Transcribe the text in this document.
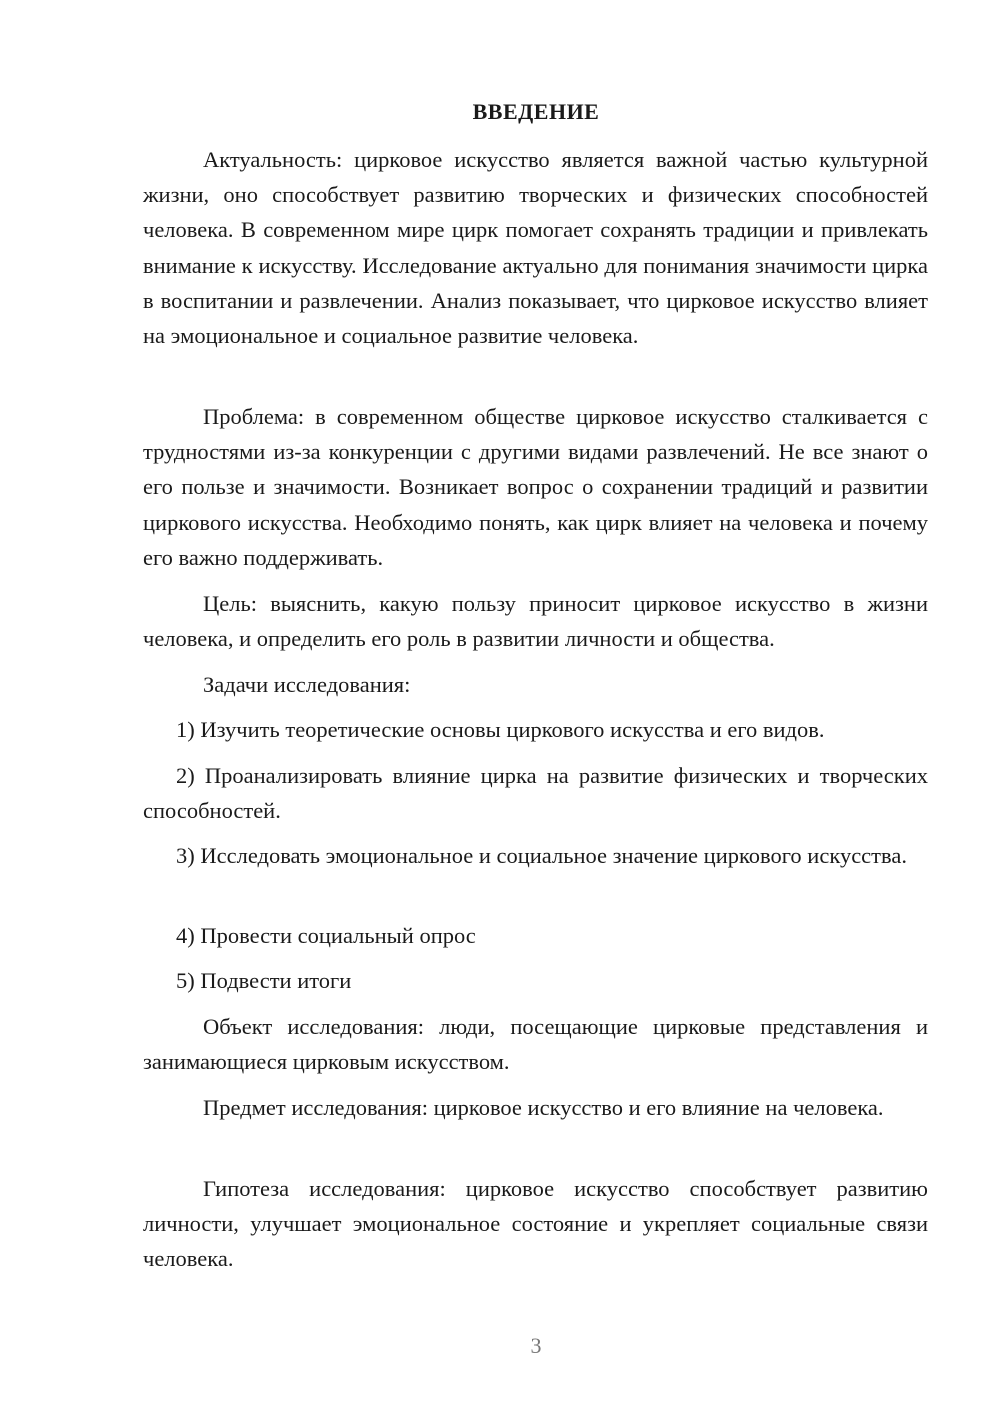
ВВЕДЕНИЕ

Актуальность: цирковое искусство является важной частью культурной жизни, оно способствует развитию творческих и физических способностей человека. В современном мире цирк помогает сохранять традиции и привлекать внимание к искусству. Исследование актуально для понимания значимости цирка в воспитании и развлечении. Анализ показывает, что цирковое искусство влияет на эмоциональное и социальное развитие человека.

Проблема: в современном обществе цирковое искусство сталкивается с трудностями из-за конкуренции с другими видами развлечений. Не все знают о его пользе и значимости. Возникает вопрос о сохранении традиций и развитии циркового искусства. Необходимо понять, как цирк влияет на человека и почему его важно поддерживать.

Цель: выяснить, какую пользу приносит цирковое искусство в жизни человека, и определить его роль в развитии личности и общества.

Задачи исследования:

1) Изучить теоретические основы циркового искусства и его видов.

2) Проанализировать влияние цирка на развитие физических и творческих способностей.

3) Исследовать эмоциональное и социальное значение циркового искусства.

4) Провести социальный опрос

5) Подвести итоги

Объект исследования: люди, посещающие цирковые представления и занимающиеся цирковым искусством.

Предмет исследования: цирковое искусство и его влияние на человека.

Гипотеза исследования: цирковое искусство способствует развитию личности, улучшает эмоциональное состояние и укрепляет социальные связи человека.

3
